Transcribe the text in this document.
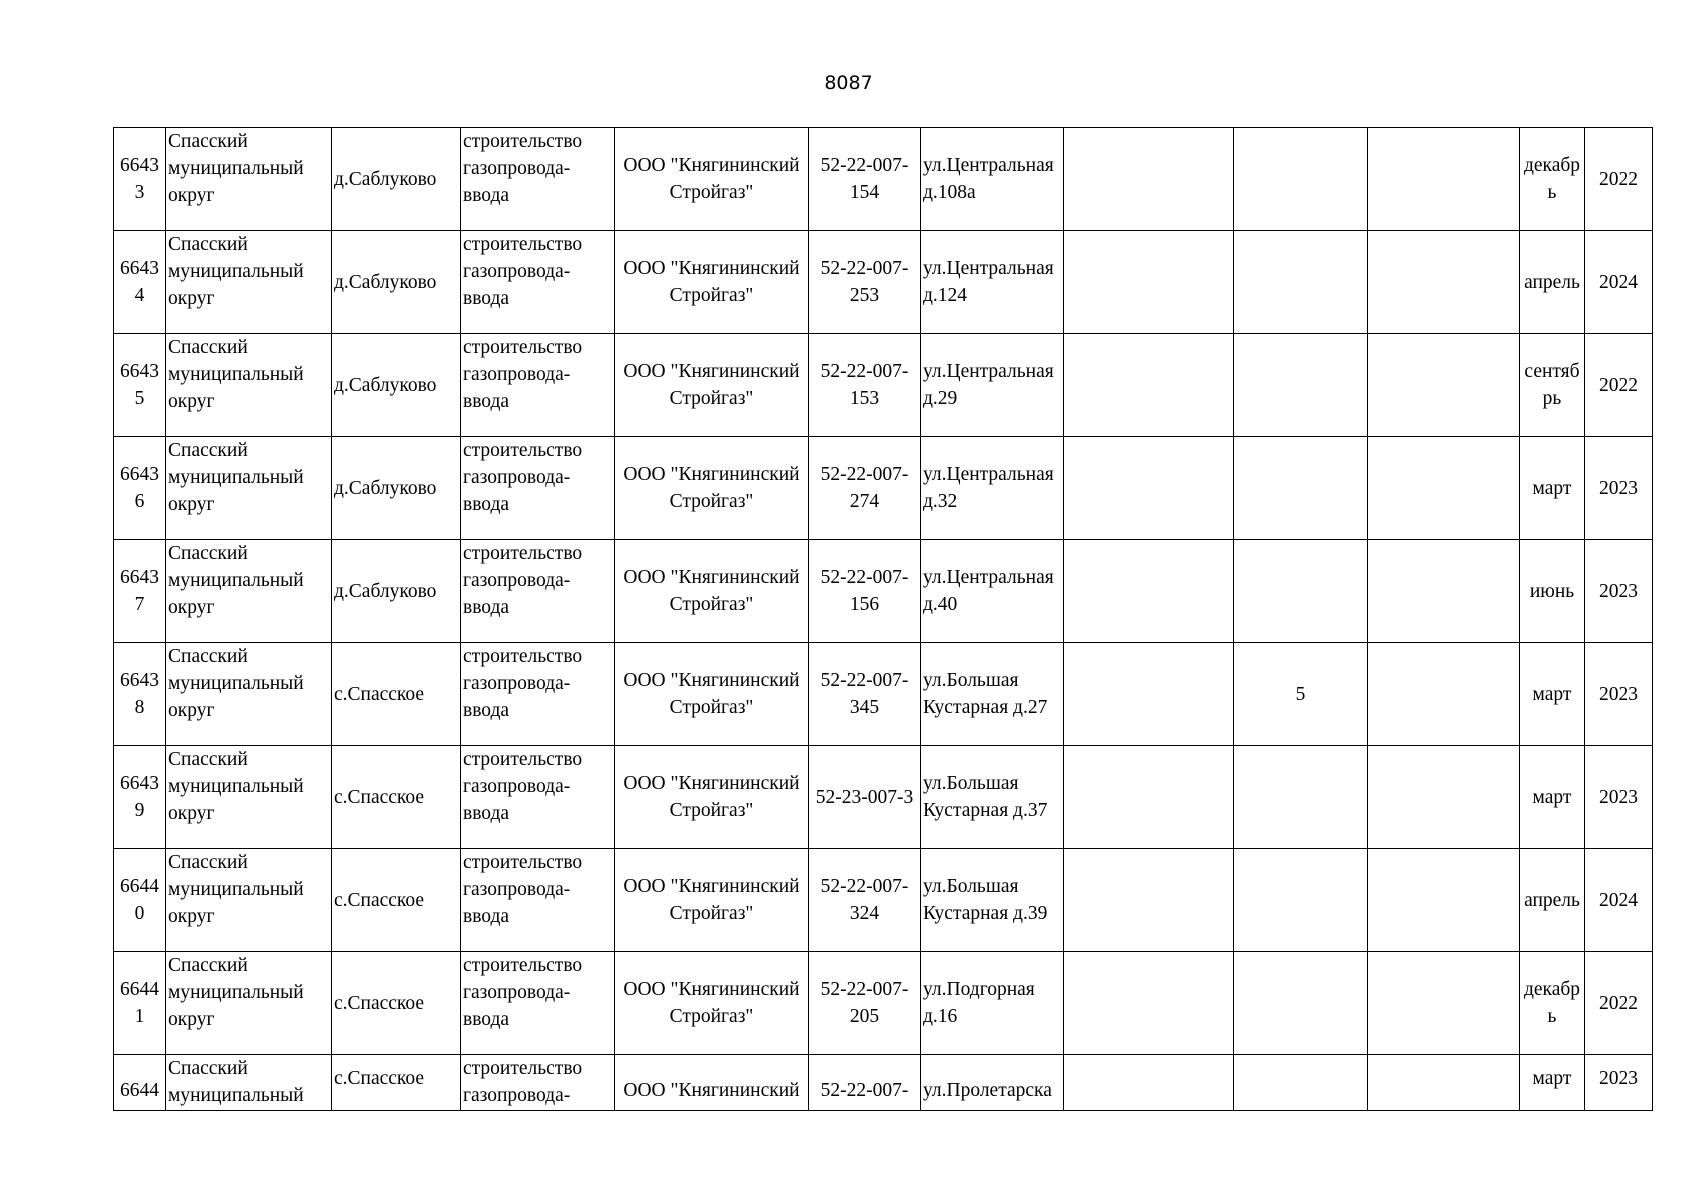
8087
66433	Спасский муниципальный округ	д.Саблуково	строительство газопровода-ввода	ООО "Княгининский Стройгаз"	52-22-007-154	ул.Центральная д.108а				декабрь	2022
66434	Спасский муниципальный округ	д.Саблуково	строительство газопровода-ввода	ООО "Княгининский Стройгаз"	52-22-007-253	ул.Центральная д.124				апрель	2024
66435	Спасский муниципальный округ	д.Саблуково	строительство газопровода-ввода	ООО "Княгининский Стройгаз"	52-22-007-153	ул.Центральная д.29				сентябрь	2022
66436	Спасский муниципальный округ	д.Саблуково	строительство газопровода-ввода	ООО "Княгининский Стройгаз"	52-22-007-274	ул.Центральная д.32				март	2023
66437	Спасский муниципальный округ	д.Саблуково	строительство газопровода-ввода	ООО "Княгининский Стройгаз"	52-22-007-156	ул.Центральная д.40				июнь	2023
66438	Спасский муниципальный округ	с.Спасское	строительство газопровода-ввода	ООО "Княгининский Стройгаз"	52-22-007-345	ул.Большая Кустарная д.27		5		март	2023
66439	Спасский муниципальный округ	с.Спасское	строительство газопровода-ввода	ООО "Княгининский Стройгаз"	52-23-007-3	ул.Большая Кустарная д.37				март	2023
66440	Спасский муниципальный округ	с.Спасское	строительство газопровода-ввода	ООО "Княгининский Стройгаз"	52-22-007-324	ул.Большая Кустарная д.39				апрель	2024
66441	Спасский муниципальный округ	с.Спасское	строительство газопровода-ввода	ООО "Княгининский Стройгаз"	52-22-007-205	ул.Подгорная д.16				декабрь	2022
6644	Спасский муниципальный	с.Спасское	строительство газопровода-	ООО "Княгининский	52-22-007-	ул.Пролетарска				март	2023
